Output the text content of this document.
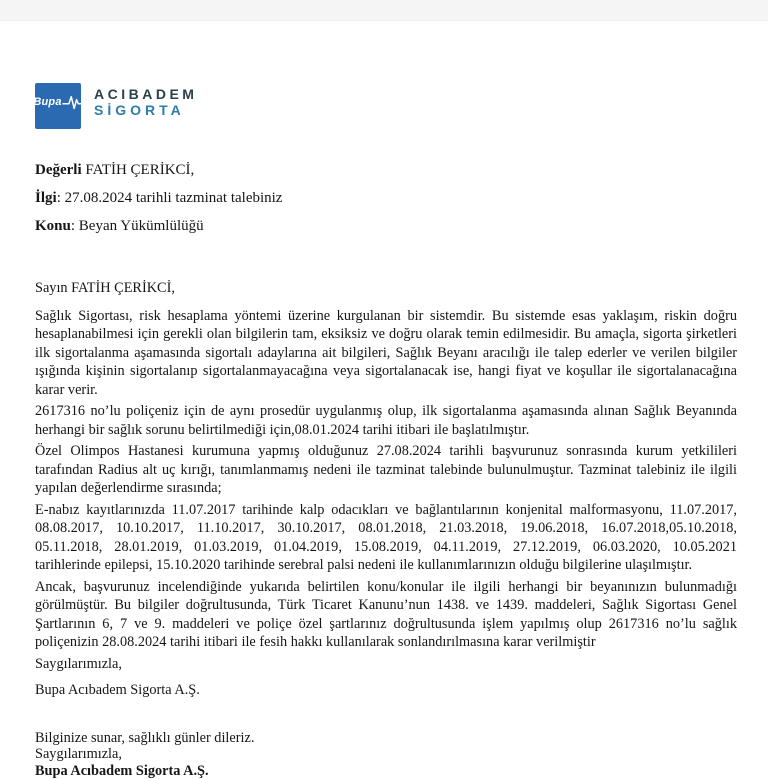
Bupa ACIBADEM
SİGORTA

Değerli FATİH ÇERİKCİ,

İlgi: 27.08.2024 tarihli tazminat talebiniz

Konu: Beyan Yükümlülüğü

Sayın FATİH ÇERİKCİ,

Sağlık Sigortası, risk hesaplama yöntemi üzerine kurgulanan bir sistemdir. Bu sistemde esas yaklaşım, riskin doğru hesaplanabilmesi için gerekli olan bilgilerin tam, eksiksiz ve doğru olarak temin edilmesidir. Bu amaçla, sigorta şirketleri ilk sigortalanma aşamasında sigortalı adaylarına ait bilgileri, Sağlık Beyanı aracılığı ile talep ederler ve verilen bilgiler ışığında kişinin sigortalanıp sigortalanmayacağına veya sigortalanacak ise, hangi fiyat ve koşullar ile sigortalanacağına karar verir.

2617316 no’lu poliçeniz için de aynı prosedür uygulanmış olup, ilk sigortalanma aşamasında alınan Sağlık Beyanında herhangi bir sağlık sorunu belirtilmediği için,08.01.2024 tarihi itibari ile başlatılmıştır.

Özel Olimpos Hastanesi kurumuna yapmış olduğunuz 27.08.2024 tarihli başvurunuz sonrasında kurum yetkilileri tarafından Radius alt uç kırığı, tanımlanmamış nedeni ile tazminat talebinde bulunulmuştur. Tazminat talebiniz ile ilgili yapılan değerlendirme sırasında;

E-nabız kayıtlarınızda 11.07.2017 tarihinde kalp odacıkları ve bağlantılarının konjenital malformasyonu, 11.07.2017, 08.08.2017, 10.10.2017, 11.10.2017, 30.10.2017, 08.01.2018, 21.03.2018, 19.06.2018, 16.07.2018,05.10.2018, 05.11.2018, 28.01.2019, 01.03.2019, 01.04.2019, 15.08.2019, 04.11.2019, 27.12.2019, 06.03.2020, 10.05.2021 tarihlerinde epilepsi, 15.10.2020 tarihinde serebral palsi nedeni ile kullanımlarınızın olduğu bilgilerine ulaşılmıştır.

Ancak, başvurunuz incelendiğinde yukarıda belirtilen konu/konular ile ilgili herhangi bir beyanınızın bulunmadığı görülmüştür. Bu bilgiler doğrultusunda, Türk Ticaret Kanunu’nun 1438. ve 1439. maddeleri, Sağlık Sigortası Genel Şartlarının 6, 7 ve 9. maddeleri ve poliçe özel şartlarınız doğrultusunda işlem yapılmış olup 2617316 no’lu sağlık poliçenizin 28.08.2024 tarihi itibari ile fesih hakkı kullanılarak sonlandırılmasına karar verilmiştir

Saygılarımızla,

Bupa Acıbadem Sigorta A.Ş.

Bilginize sunar, sağlıklı günler dileriz.

Saygılarımızla,

Bupa Acıbadem Sigorta A.Ş.
